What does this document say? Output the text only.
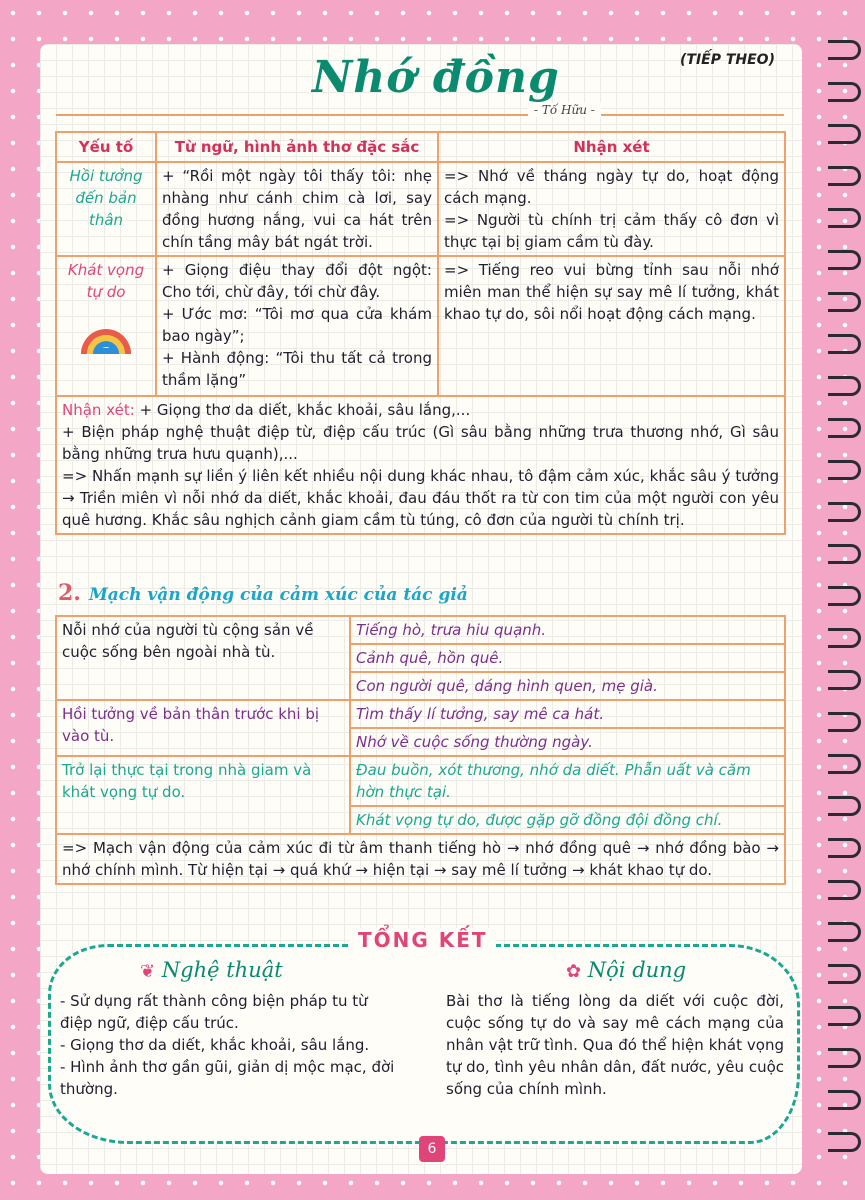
Nhớ đồng	(TIẾP THEO)
- Tố Hữu -
Yếu tố	Từ ngữ, hình ảnh thơ đặc sắc	Nhận xét
Hồi tưởng đến bản thân	+ “Rồi một ngày tôi thấy tôi: nhẹ nhàng như cánh chim cà lơi, say đồng hương nắng, vui ca hát trên chín tầng mây bát ngát trời.	=> Nhớ về tháng ngày tự do, hoạt động cách mạng.
=> Người tù chính trị cảm thấy cô đơn vì thực tại bị giam cầm tù đày.

Khát vọng tự do	+ Giọng điệu thay đổi đột ngột: Cho tới, chừ đây, tới chừ đây.
+ Ước mơ: “Tôi mơ qua cửa khám bao ngày”;
+ Hành động: “Tôi thu tất cả trong thầm lặng”	=> Tiếng reo vui bừng tỉnh sau nỗi nhớ miên man thể hiện sự say mê lí tưởng, khát khao tự do, sôi nổi hoạt động cách mạng.

Nhận xét: + Giọng thơ da diết, khắc khoải, sâu lắng,...
+ Biện pháp nghệ thuật điệp từ, điệp cấu trúc (Gì sâu bằng những trưa thương nhớ, Gì sâu bằng những trưa hưu quạnh),...
=> Nhấn mạnh sự liền ý liên kết nhiều nội dung khác nhau, tô đậm cảm xúc, khắc sâu ý tưởng → Triền miên vì nỗi nhớ da diết, khắc khoải, đau đáu thốt ra từ con tim của một người con yêu quê hương. Khắc sâu nghịch cảnh giam cầm tù túng, cô đơn của người tù chính trị.		
2. Mạch vận động của cảm xúc của tác giả
Nỗi nhớ của người tù cộng sản về cuộc sống bên ngoài nhà tù.	Tiếng hò, trưa hiu quạnh.
	Cảnh quê, hồn quê.
	Con người quê, dáng hình quen, mẹ già.
Hồi tưởng về bản thân trước khi bị vào tù.	Tìm thấy lí tưởng, say mê ca hát.
	Nhớ về cuộc sống thường ngày.
Trở lại thực tại trong nhà giam và khát vọng tự do.	Đau buồn, xót thương, nhớ da diết. Phẫn uất và căm hờn thực tại.
	Khát vọng tự do, được gặp gỡ đồng đội đồng chí.
=> Mạch vận động của cảm xúc đi từ âm thanh tiếng hò → nhớ đồng quê → nhớ đồng bào → nhớ chính mình. Từ hiện tại → quá khứ → hiện tại → say mê lí tưởng → khát khao tự do.	
TỔNG KẾT
❦ Nghệ thuật
- Sử dụng rất thành công biện pháp tu từ điệp ngữ, điệp cấu trúc.
- Giọng thơ da diết, khắc khoải, sâu lắng.
- Hình ảnh thơ gần gũi, giản dị mộc mạc, đời thường.
✿ Nội dung
Bài thơ là tiếng lòng da diết với cuộc đời, cuộc sống tự do và say mê cách mạng của nhân vật trữ tình. Qua đó thể hiện khát vọng tự do, tình yêu nhân dân, đất nước, yêu cuộc sống của chính mình.
6
